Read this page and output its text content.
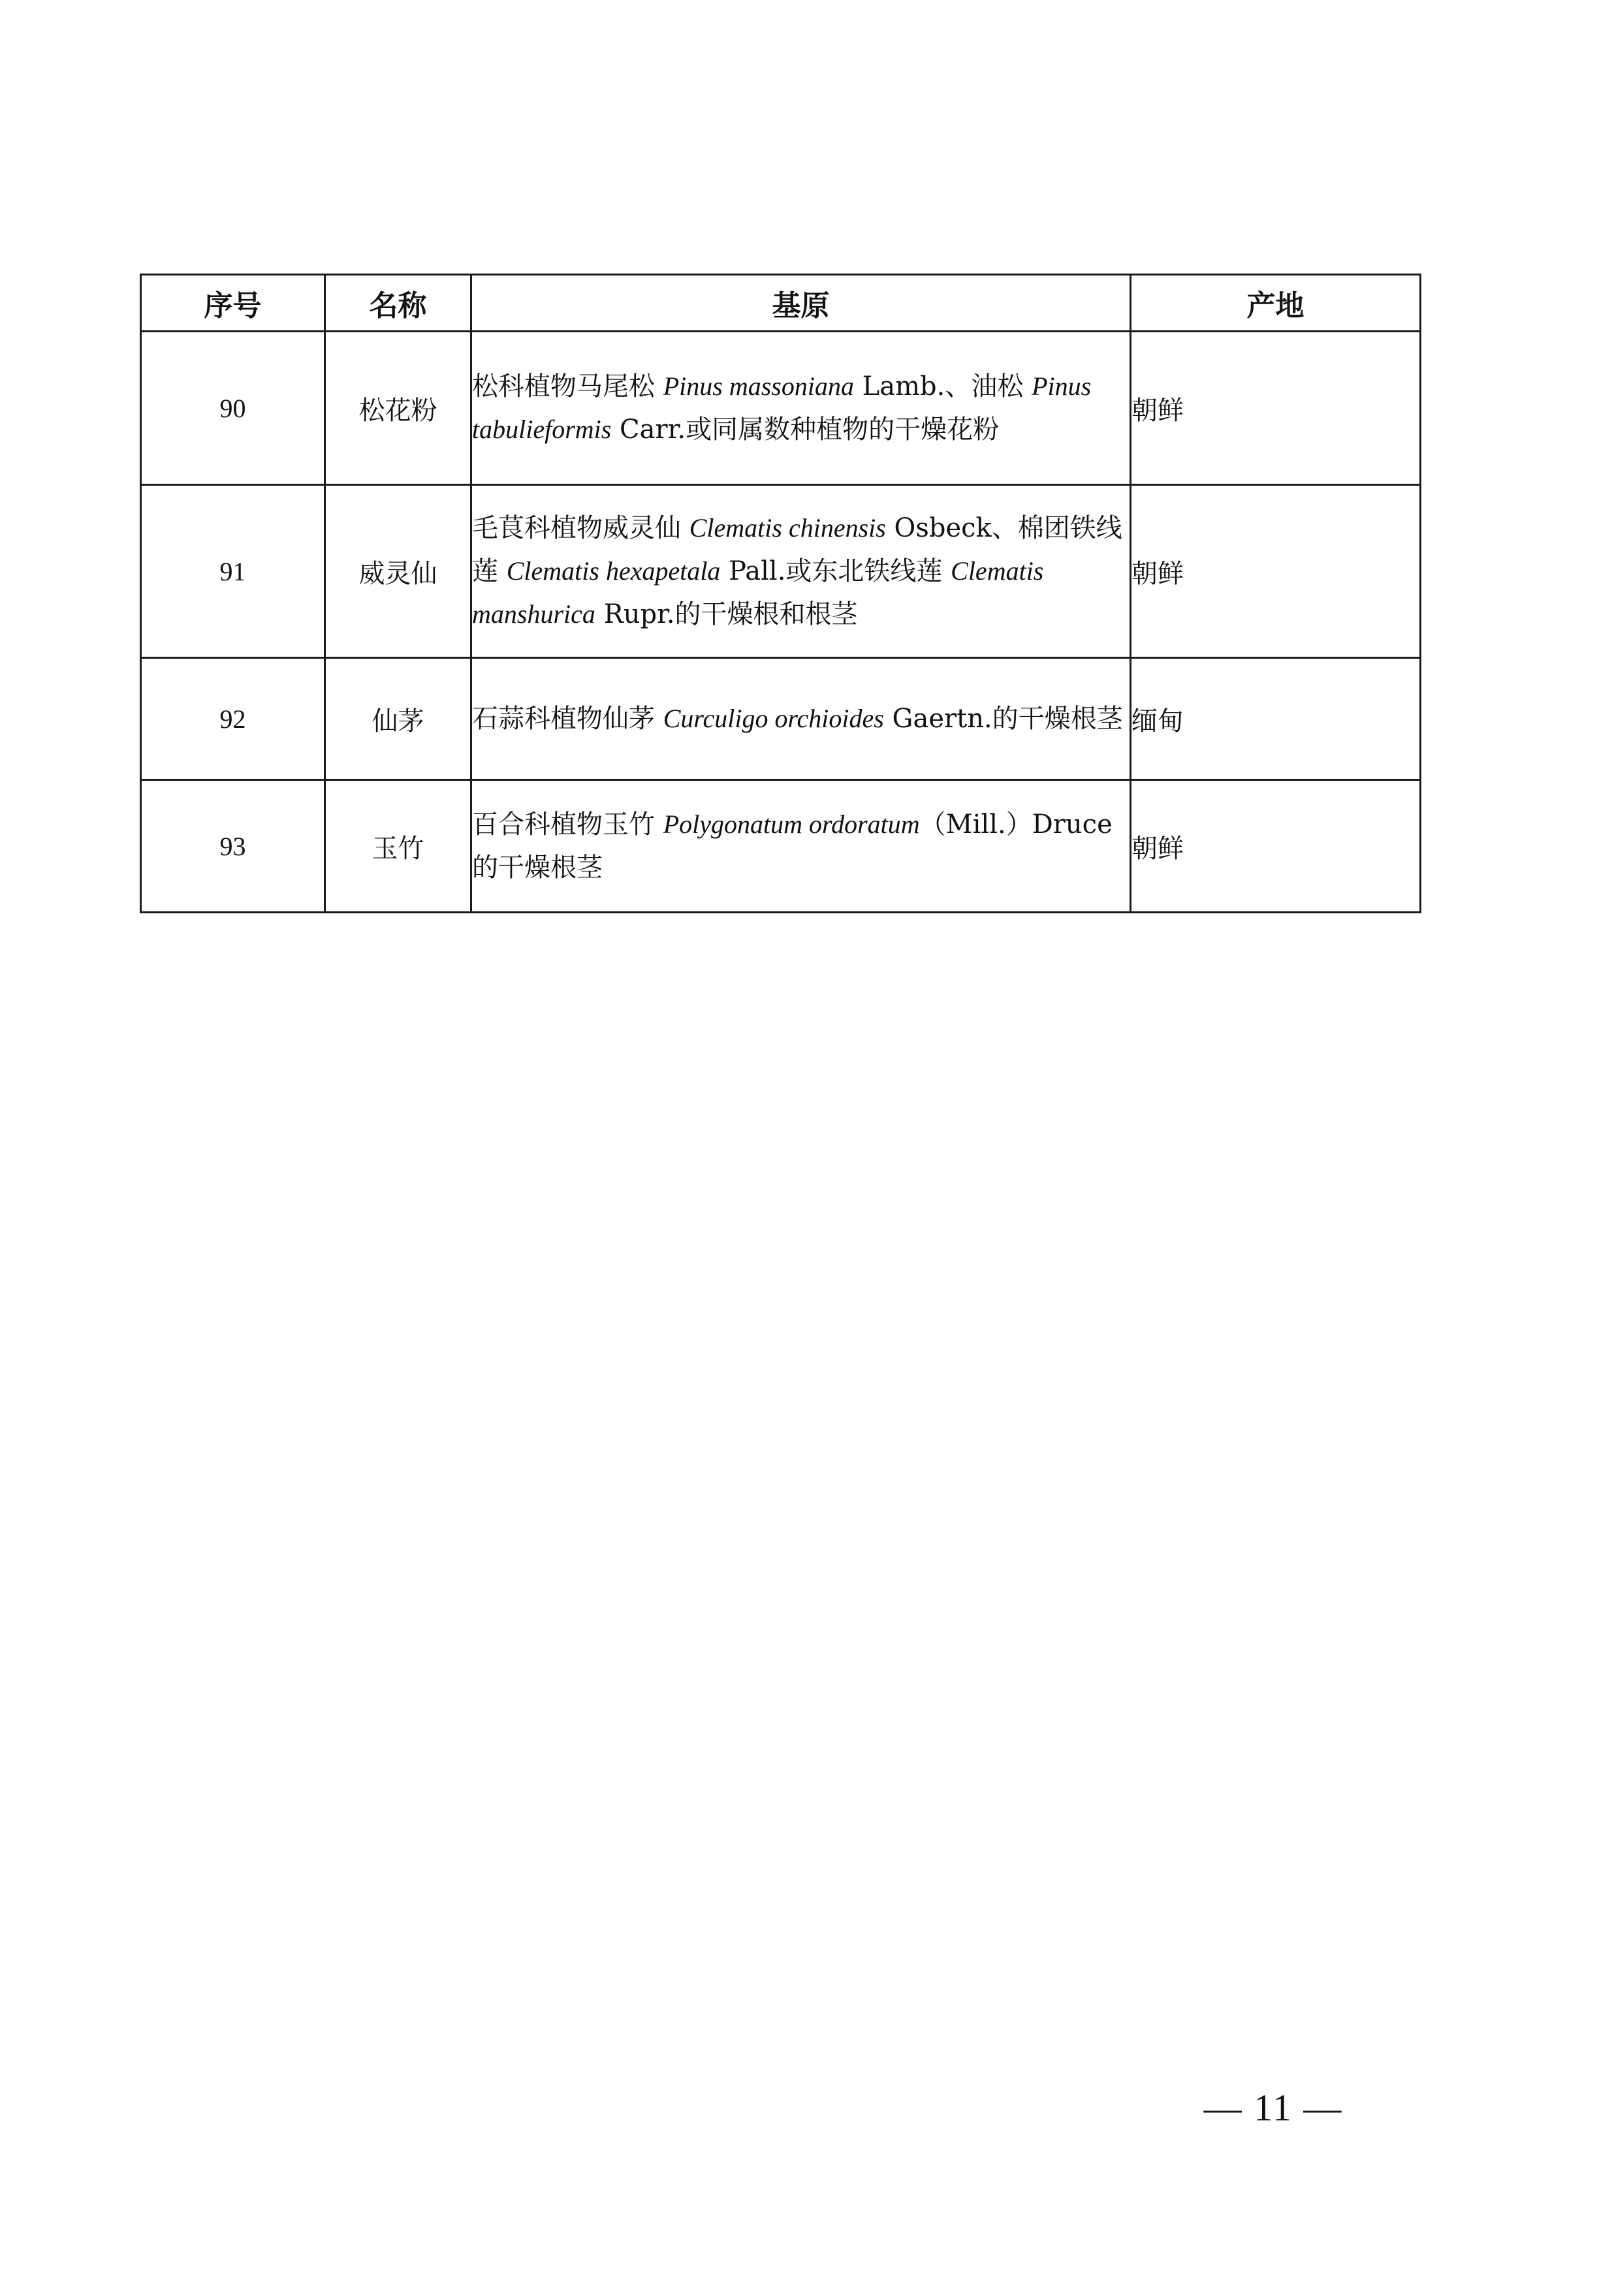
序号	名称	基原	产地
90	松花粉	松科植物马尾松 Pinus massoniana Lamb.、油松 Pinus tabulieformis Carr.或同属数种植物的干燥花粉	朝鲜
91	威灵仙	毛茛科植物威灵仙 Clematis chinensis Osbeck、棉团铁线莲 Clematis hexapetala Pall.或东北铁线莲 Clematis manshurica Rupr.的干燥根和根茎	朝鲜
92	仙茅	石蒜科植物仙茅 Curculigo orchioides Gaertn.的干燥根茎	缅甸
93	玉竹	百合科植物玉竹 Polygonatum ordoratum（Mill.）Druce的干燥根茎	朝鲜
— 11 —
